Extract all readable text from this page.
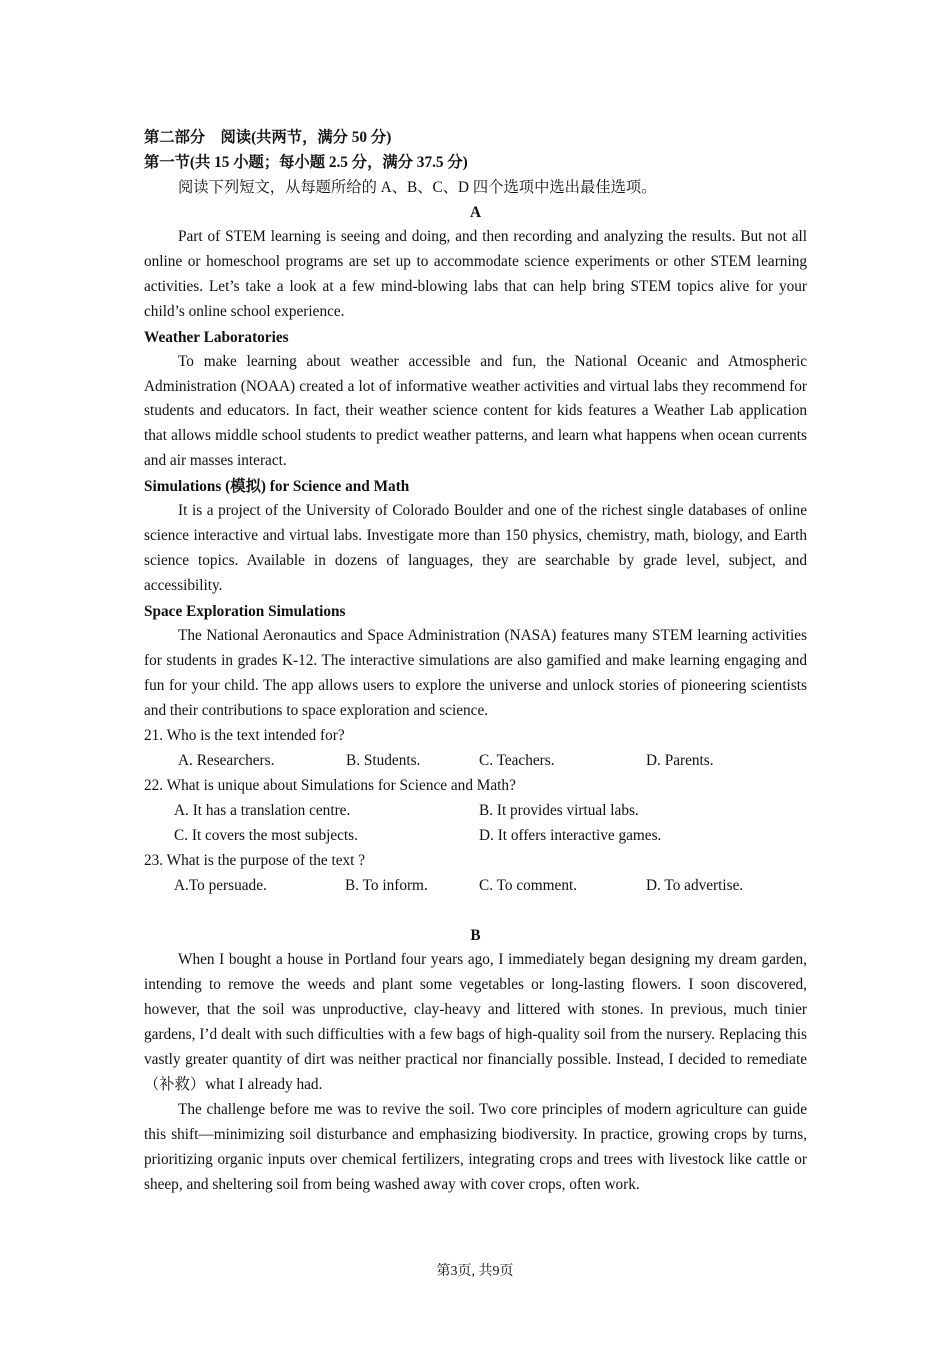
第二部分　阅读(共两节，满分 50 分)
第一节(共 15 小题；每小题 2.5 分，满分 37.5 分)
阅读下列短文，从每题所给的 A、B、C、D 四个选项中选出最佳选项。
A

Part of STEM learning is seeing and doing, and then recording and analyzing the results. But not all online or homeschool programs are set up to accommodate science experiments or other STEM learning activities. Let’s take a look at a few mind-blowing labs that can help bring STEM topics alive for your child’s online school experience.

Weather Laboratories

To make learning about weather accessible and fun, the National Oceanic and Atmospheric Administration (NOAA) created a lot of informative weather activities and virtual labs they recommend for students and educators. In fact, their weather science content for kids features a Weather Lab application that allows middle school students to predict weather patterns, and learn what happens when ocean currents and air masses interact.

Simulations (模拟) for Science and Math

It is a project of the University of Colorado Boulder and one of the richest single databases of online science interactive and virtual labs. Investigate more than 150 physics, chemistry, math, biology, and Earth science topics. Available in dozens of languages, they are searchable by grade level, subject, and accessibility.

Space Exploration Simulations

The National Aeronautics and Space Administration (NASA) features many STEM learning activities for students in grades K-12. The interactive simulations are also gamified and make learning engaging and fun for your child. The app allows users to explore the universe and unlock stories of pioneering scientists and their contributions to space exploration and science.

21. Who is the text intended for?
A. Researchers.	B. Students.	C. Teachers.	D. Parents.
22. What is unique about Simulations for Science and Math?
A. It has a translation centre.	B. It provides virtual labs.
C. It covers the most subjects.	D. It offers interactive games.
23. What is the purpose of the text ?
A.To persuade.	B. To inform.	C. To comment.	D. To advertise.
B

When I bought a house in Portland four years ago, I immediately began designing my dream garden, intending to remove the weeds and plant some vegetables or long-lasting flowers. I soon discovered, however, that the soil was unproductive, clay-heavy and littered with stones. In previous, much tinier gardens, I’d dealt with such difficulties with a few bags of high-quality soil from the nursery. Replacing this vastly greater quantity of dirt was neither practical nor financially possible. Instead, I decided to remediate（补救）what I already had.

The challenge before me was to revive the soil. Two core principles of modern agriculture can guide this shift—minimizing soil disturbance and emphasizing biodiversity. In practice, growing crops by turns, prioritizing organic inputs over chemical fertilizers, integrating crops and trees with livestock like cattle or sheep, and sheltering soil from being washed away with cover crops, often work.

第3页, 共9页
